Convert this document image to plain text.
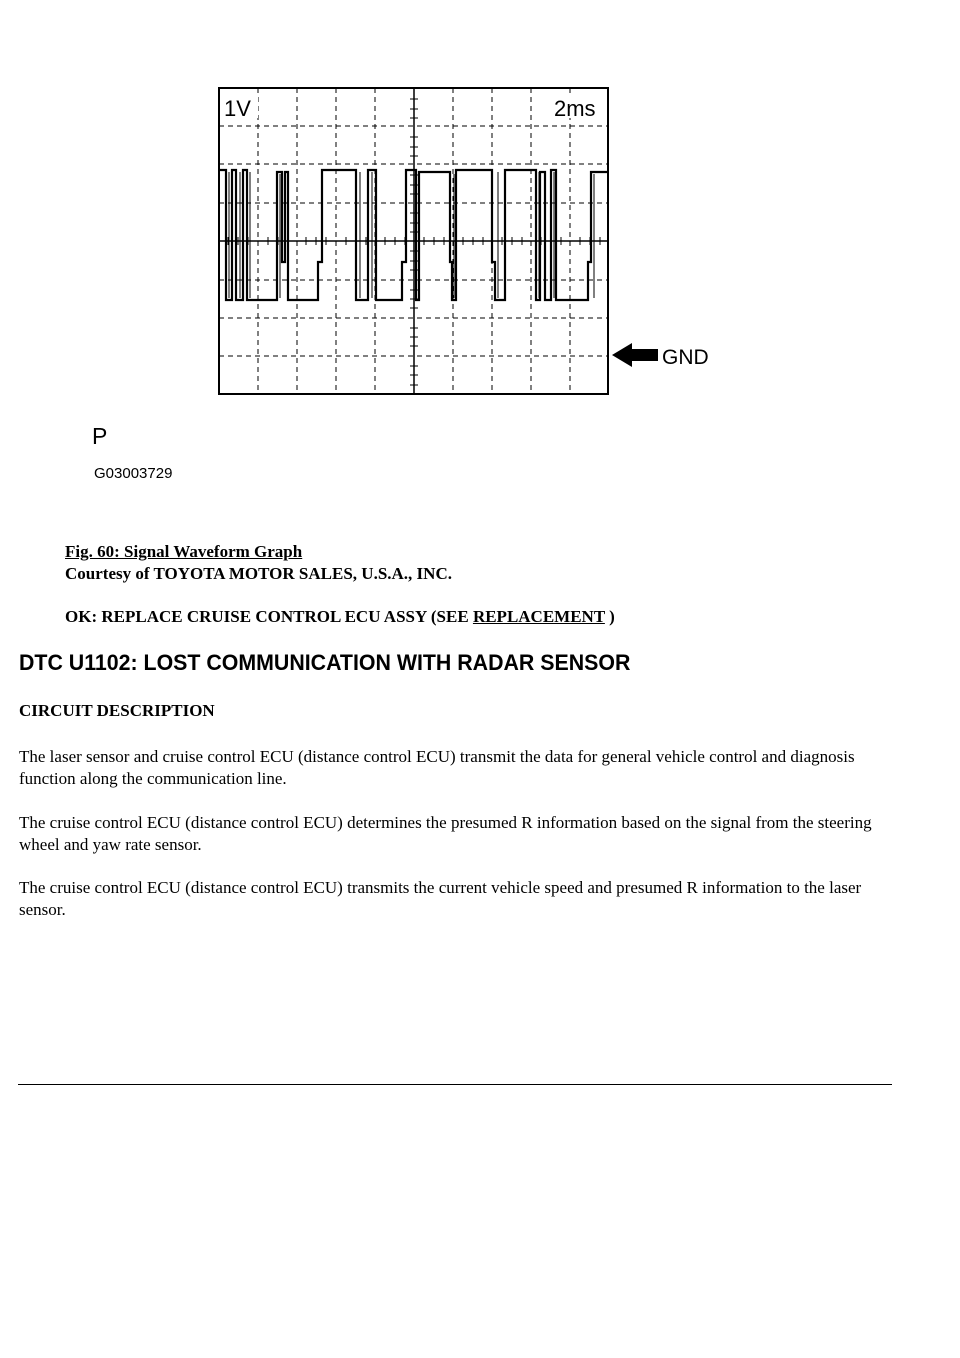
1V	2ms
GND
P
G03003729
Fig. 60: Signal Waveform Graph
Courtesy of TOYOTA MOTOR SALES, U.S.A., INC.
OK: REPLACE CRUISE CONTROL ECU ASSY (SEE REPLACEMENT )
DTC U1102: LOST COMMUNICATION WITH RADAR SENSOR
CIRCUIT DESCRIPTION

The laser sensor and cruise control ECU (distance control ECU) transmit the data for general vehicle control and diagnosis function along the communication line.

The cruise control ECU (distance control ECU) determines the presumed R information based on the signal from the steering wheel and yaw rate sensor.

The cruise control ECU (distance control ECU) transmits the current vehicle speed and presumed R information to the laser sensor.
